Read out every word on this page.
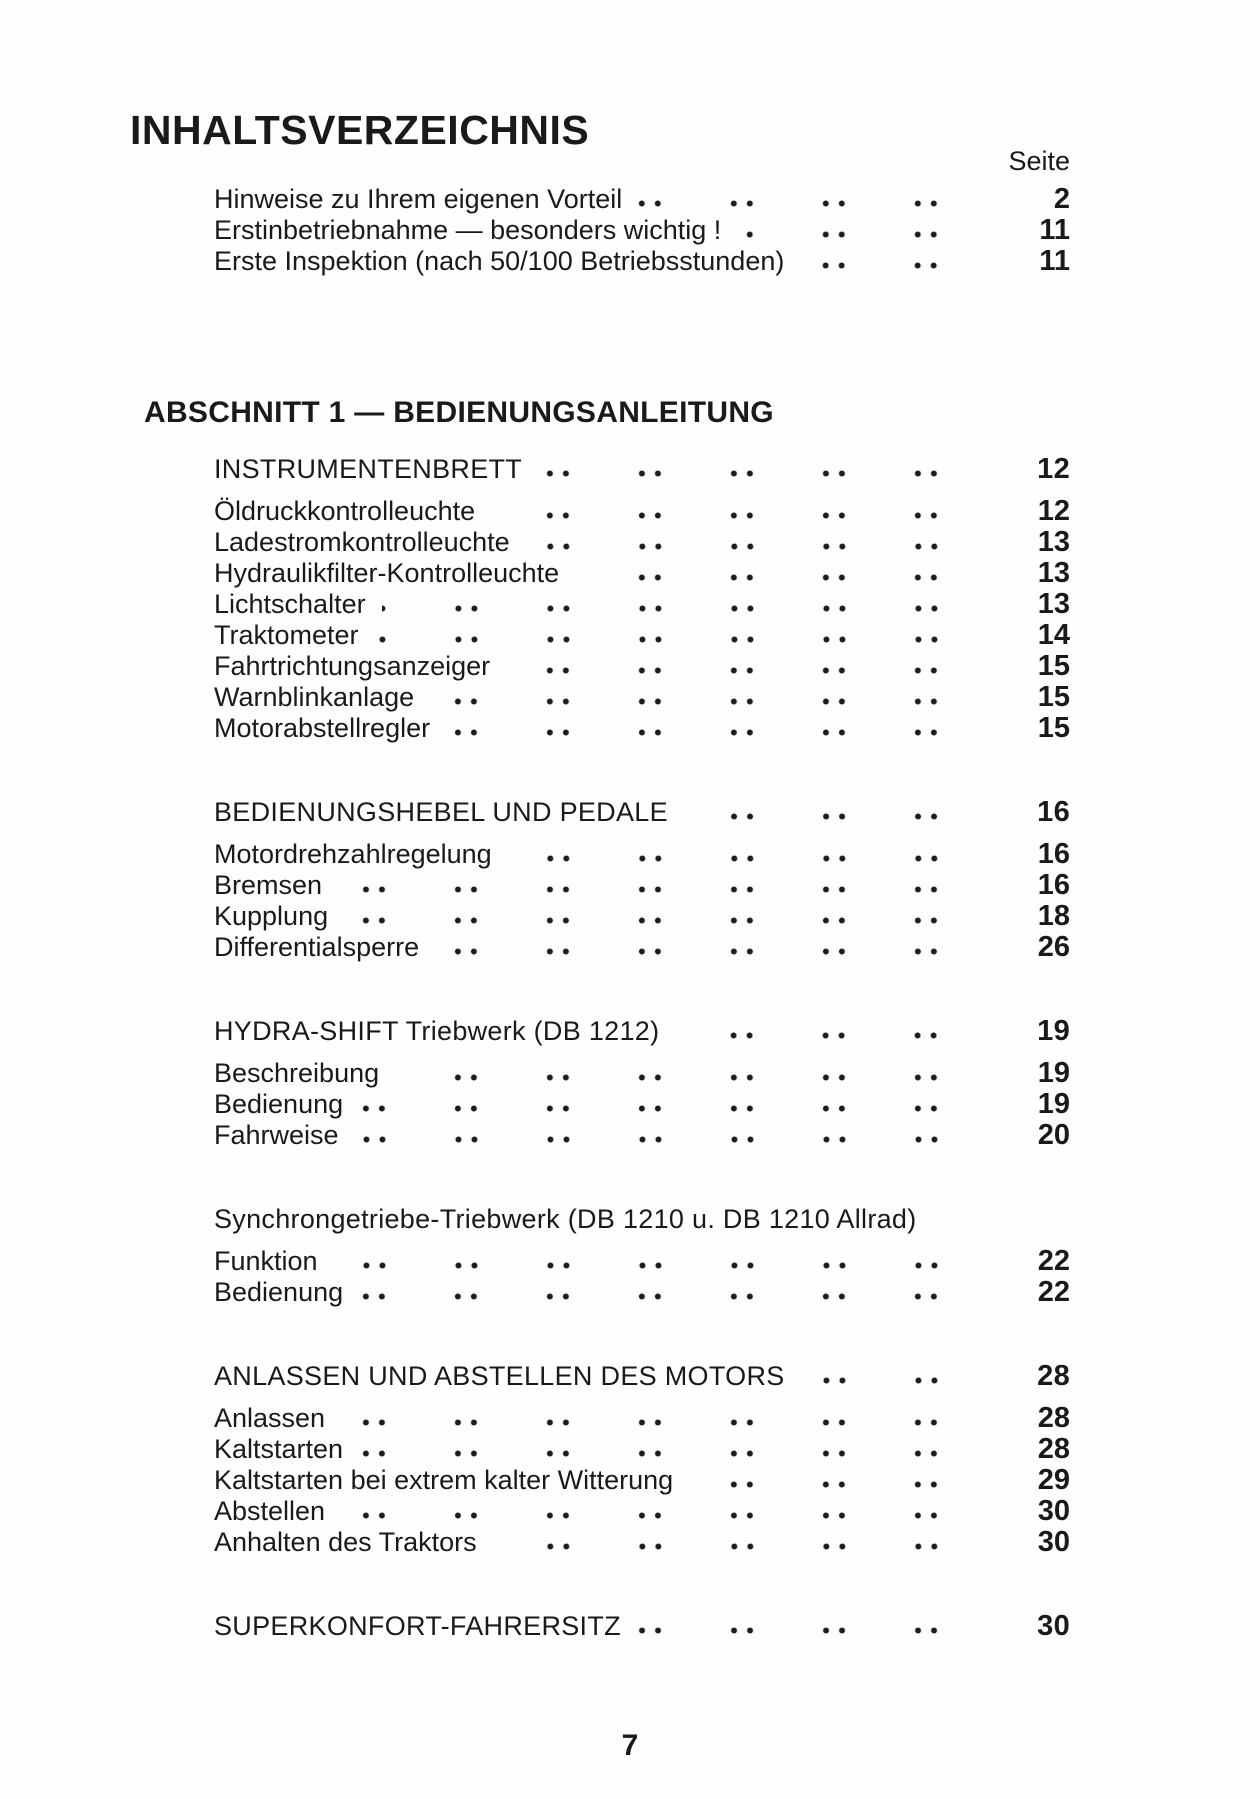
INHALTSVERZEICHNIS
Seite
Hinweise zu Ihrem eigenen Vorteil	2
Erstinbetriebnahme — besonders wichtig !	11
Erste Inspektion (nach 50/100 Betriebsstunden)	11
ABSCHNITT 1 — BEDIENUNGSANLEITUNG
INSTRUMENTENBRETT	12
Öldruckkontrolleuchte	12
Ladestromkontrolleuchte	13
Hydraulikfilter-Kontrolleuchte	13
Lichtschalter	13
Traktometer	14
Fahrtrichtungsanzeiger	15
Warnblinkanlage	15
Motorabstellregler	15
BEDIENUNGSHEBEL UND PEDALE	16
Motordrehzahlregelung	16
Bremsen	16
Kupplung	18
Differentialsperre	26
HYDRA-SHIFT Triebwerk (DB 1212)	19
Beschreibung	19
Bedienung	19
Fahrweise	20
Synchrongetriebe-Triebwerk (DB 1210 u. DB 1210 Allrad)
Funktion	22
Bedienung	22
ANLASSEN UND ABSTELLEN DES MOTORS	28
Anlassen	28
Kaltstarten	28
Kaltstarten bei extrem kalter Witterung	29
Abstellen	30
Anhalten des Traktors	30
SUPERKONFORT-FAHRERSITZ	30
7
